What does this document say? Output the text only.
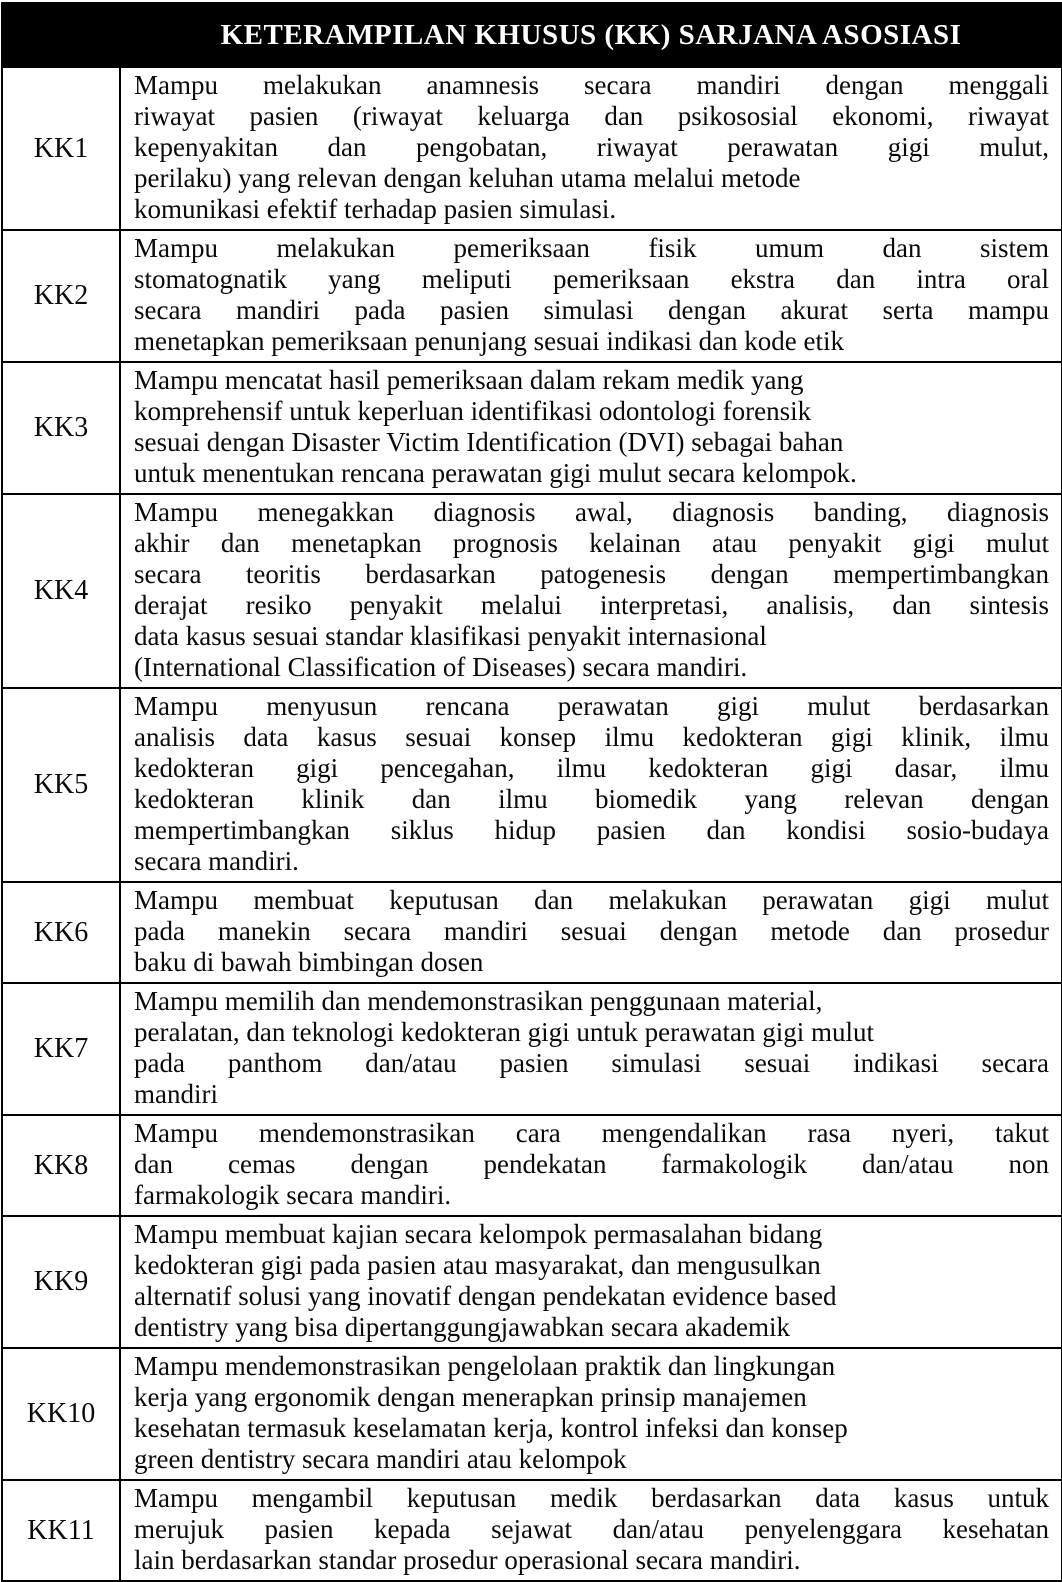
	KETERAMPILAN KHUSUS (KK) SARJANA ASOSIASI
KK1	Mampu melakukan anamnesis secara mandiri dengan menggali
riwayat pasien (riwayat keluarga dan psikososial ekonomi, riwayat
kepenyakitan dan pengobatan, riwayat perawatan gigi mulut,
perilaku) yang relevan dengan keluhan utama melalui metode
komunikasi efektif terhadap pasien simulasi.

KK2	Mampu melakukan pemeriksaan fisik umum dan sistem
stomatognatik yang meliputi pemeriksaan ekstra dan intra oral
secara mandiri pada pasien simulasi dengan akurat serta mampu
menetapkan pemeriksaan penunjang sesuai indikasi dan kode etik

KK3	Mampu mencatat hasil pemeriksaan dalam rekam medik yang
komprehensif untuk keperluan identifikasi odontologi forensik
sesuai dengan Disaster Victim Identification (DVI) sebagai bahan
untuk menentukan rencana perawatan gigi mulut secara kelompok.

KK4	
Mampu menegakkan diagnosis awal, diagnosis banding, diagnosis
akhir dan menetapkan prognosis kelainan atau penyakit gigi mulut
secara teoritis berdasarkan patogenesis dengan mempertimbangkan
derajat resiko penyakit melalui interpretasi, analisis, dan sintesis
data kasus sesuai standar klasifikasi penyakit internasional
(International Classification of Diseases) secara mandiri.

KK5	
Mampu menyusun rencana perawatan gigi mulut berdasarkan
analisis data kasus sesuai konsep ilmu kedokteran gigi klinik, ilmu
kedokteran gigi pencegahan, ilmu kedokteran gigi dasar, ilmu
kedokteran klinik dan ilmu biomedik yang relevan dengan
mempertimbangkan siklus hidup pasien dan kondisi sosio-budaya
secara mandiri.

KK6	Mampu membuat keputusan dan melakukan perawatan gigi mulut
pada manekin secara mandiri sesuai dengan metode dan prosedur
baku di bawah bimbingan dosen

KK7	Mampu memilih dan mendemonstrasikan penggunaan material,
peralatan, dan teknologi kedokteran gigi untuk perawatan gigi mulut
pada panthom dan/atau pasien simulasi sesuai indikasi secara
mandiri

KK8	Mampu mendemonstrasikan cara mengendalikan rasa nyeri, takut
dan cemas dengan pendekatan farmakologik dan/atau non
farmakologik secara mandiri.

KK9	Mampu membuat kajian secara kelompok permasalahan bidang
kedokteran gigi pada pasien atau masyarakat, dan mengusulkan
alternatif solusi yang inovatif dengan pendekatan evidence based
dentistry yang bisa dipertanggungjawabkan secara akademik

KK10	Mampu mendemonstrasikan pengelolaan praktik dan lingkungan
kerja yang ergonomik dengan menerapkan prinsip manajemen
kesehatan termasuk keselamatan kerja, kontrol infeksi dan konsep
green dentistry secara mandiri atau kelompok

KK11	Mampu mengambil keputusan medik berdasarkan data kasus untuk
merujuk pasien kepada sejawat dan/atau penyelenggara kesehatan
lain berdasarkan standar prosedur operasional secara mandiri.
